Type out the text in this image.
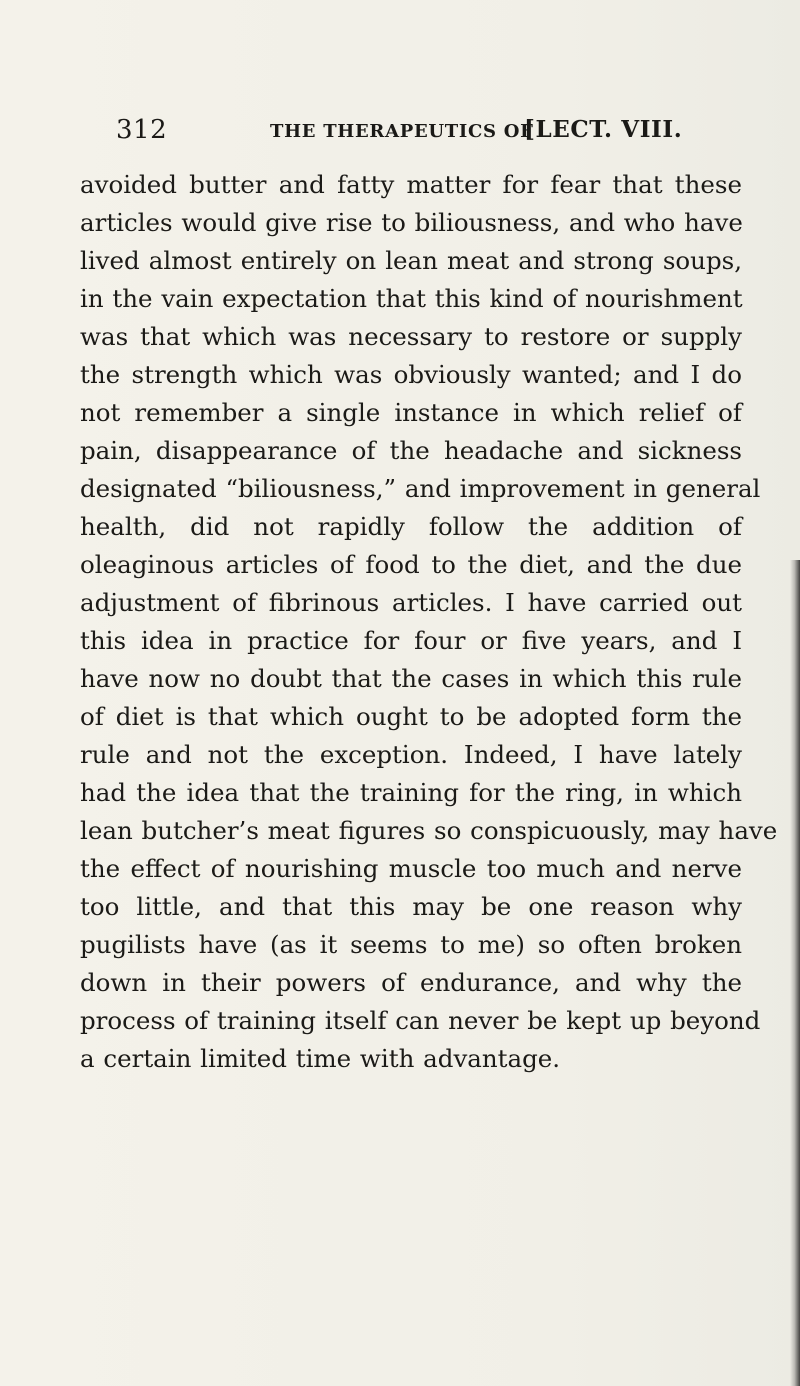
312	THE THERAPEUTICS OF
[LECT. VIII.
avoided butter and fatty matter for fear that these
articles would give rise to biliousness, and who have
lived almost entirely on lean meat and strong soups,
in the vain expectation that this kind of nourishment
was that which was necessary to restore or supply
the strength which was obviously wanted; and I do
not remember a single instance in which relief of
pain, disappearance of the headache and sickness
designated “biliousness,” and improvement in general
health, did not rapidly follow the addition of
oleaginous articles of food to the diet, and the due
adjustment of fibrinous articles. I have carried out
this idea in practice for four or five years, and I
have now no doubt that the cases in which this rule
of diet is that which ought to be adopted form the
rule and not the exception. Indeed, I have lately
had the idea that the training for the ring, in which
lean butcher’s meat figures so conspicuously, may have
the effect of nourishing muscle too much and nerve
too little, and that this may be one reason why
pugilists have (as it seems to me) so often broken
down in their powers of endurance, and why the
process of training itself can never be kept up beyond
a certain limited time with advantage.
